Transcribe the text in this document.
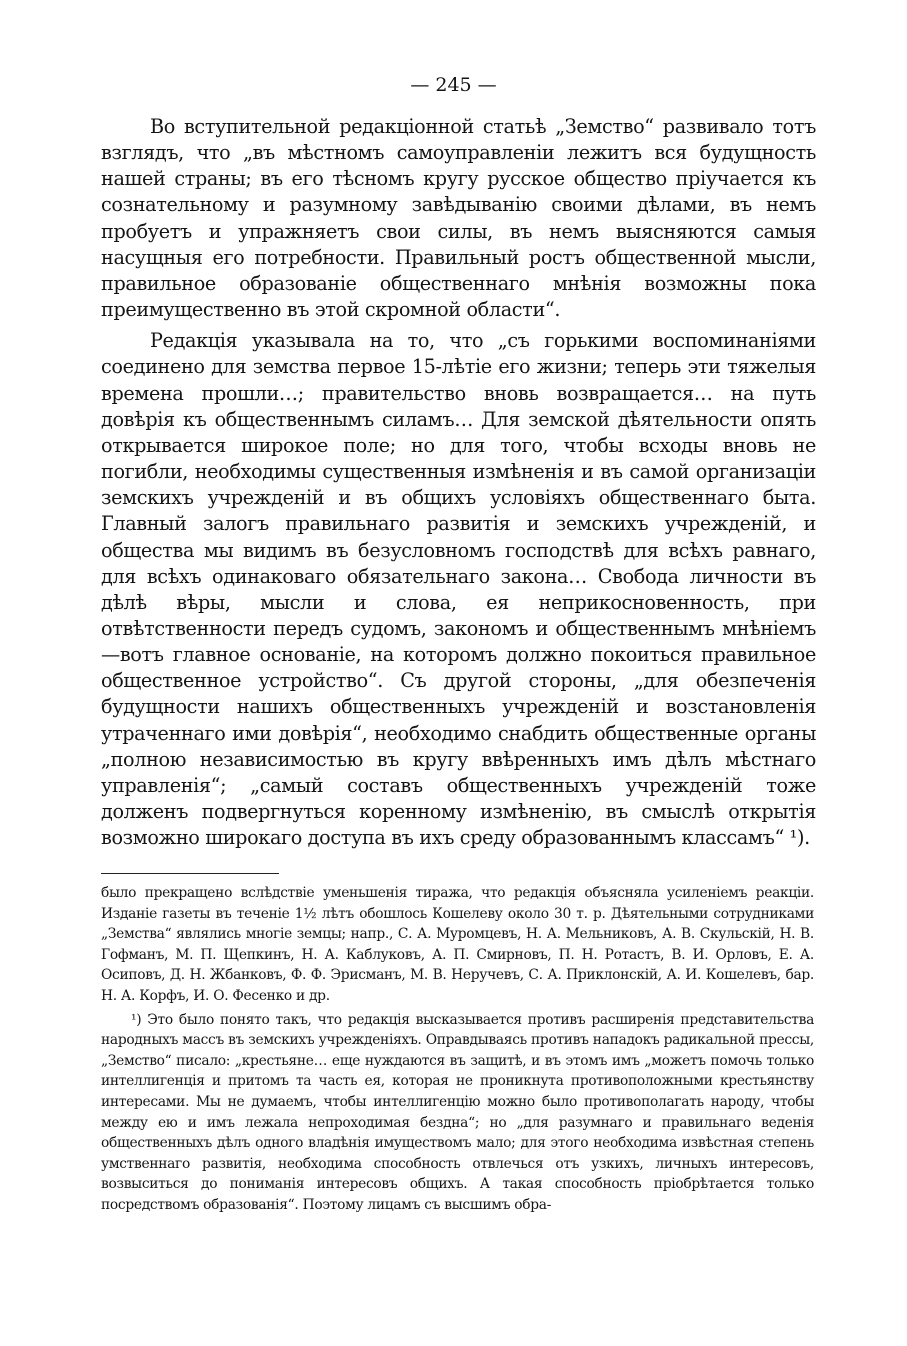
— 245 —

Во вступительной редакціонной статьѣ „Земство“ развивало тотъ взглядъ, что „въ мѣстномъ самоуправленіи лежитъ вся будущность нашей страны; въ его тѣсномъ кругу русское общество пріучается къ сознательному и разумному завѣдыванію своими дѣлами, въ немъ пробуетъ и упражняетъ свои силы, въ немъ выясняются самыя насущныя его потребности. Правильный ростъ общественной мысли, правильное образованіе общественнаго мнѣнія возможны пока преимущественно въ этой скромной области“.

Редакція указывала на то, что „съ горькими воспоминаніями соединено для земства первое 15-лѣтіе его жизни; теперь эти тяжелыя времена прошли…; правительство вновь возвращается… на путь довѣрія къ общественнымъ силамъ… Для земской дѣятельности опять открывается широкое поле; но для того, чтобы всходы вновь не погибли, необходимы существенныя измѣненія и въ самой организаціи земскихъ учрежденій и въ общихъ условіяхъ общественнаго быта. Главный залогъ правильнаго развитія и земскихъ учрежденій, и общества мы видимъ въ безусловномъ господствѣ для всѣхъ равнаго, для всѣхъ одинаковаго обязательнаго закона… Свобода личности въ дѣлѣ вѣры, мысли и слова, ея неприкосновенность, при отвѣтственности передъ судомъ, закономъ и общественнымъ мнѣніемъ—вотъ главное основаніе, на которомъ должно покоиться правильное общественное устройство“. Съ другой стороны, „для обезпеченія будущности нашихъ общественныхъ учрежденій и возстановленія утраченнаго ими довѣрія“, необходимо снабдить общественные органы „полною независимостью въ кругу ввѣренныхъ имъ дѣлъ мѣстнаго управленія“; „самый составъ общественныхъ учрежденій тоже долженъ подвергнуться коренному измѣненію, въ смыслѣ открытія возможно широкаго доступа въ ихъ среду образованнымъ классамъ“ ¹).

было прекращено вслѣдствіе уменьшенія тиража, что редакція объясняла усиленіемъ реакціи. Изданіе газеты въ теченіе 1½ лѣтъ обошлось Кошелеву около 30 т. р. Дѣятельными сотрудниками „Земства“ являлись многіе земцы; напр., С. А. Муромцевъ, Н. А. Мельниковъ, А. В. Скульскій, Н. В. Гофманъ, М. П. Щепкинъ, Н. А. Каблуковъ, А. П. Смирновъ, П. Н. Ротастъ, В. И. Орловъ, Е. А. Осиповъ, Д. Н. Жбанковъ, Ф. Ф. Эрисманъ, М. В. Неручевъ, С. А. Приклонскій, А. И. Кошелевъ, бар. Н. А. Корфъ, И. О. Фесенко и др.

¹) Это было понято такъ, что редакція высказывается противъ расширенія представительства народныхъ массъ въ земскихъ учрежденіяхъ. Оправдываясь противъ нападокъ радикальной прессы, „Земство“ писало: „крестьяне… еще нуждаются въ защитѣ, и въ этомъ имъ „можетъ помочь только интеллигенція и притомъ та часть ея, которая не проникнута противоположными крестьянству интересами. Мы не думаемъ, чтобы интеллигенцію можно было противополагать народу, чтобы между ею и имъ лежала непроходимая бездна“; но „для разумнаго и правильнаго веденія общественныхъ дѣлъ одного владѣнія имуществомъ мало; для этого необходима извѣстная степень умственнаго развитія, необходима способность отвлечься отъ узкихъ, личныхъ интересовъ, возвыситься до пониманія интересовъ общихъ. А такая способность пріобрѣтается только посредствомъ образованія“. Поэтому лицамъ съ высшимъ обра-
